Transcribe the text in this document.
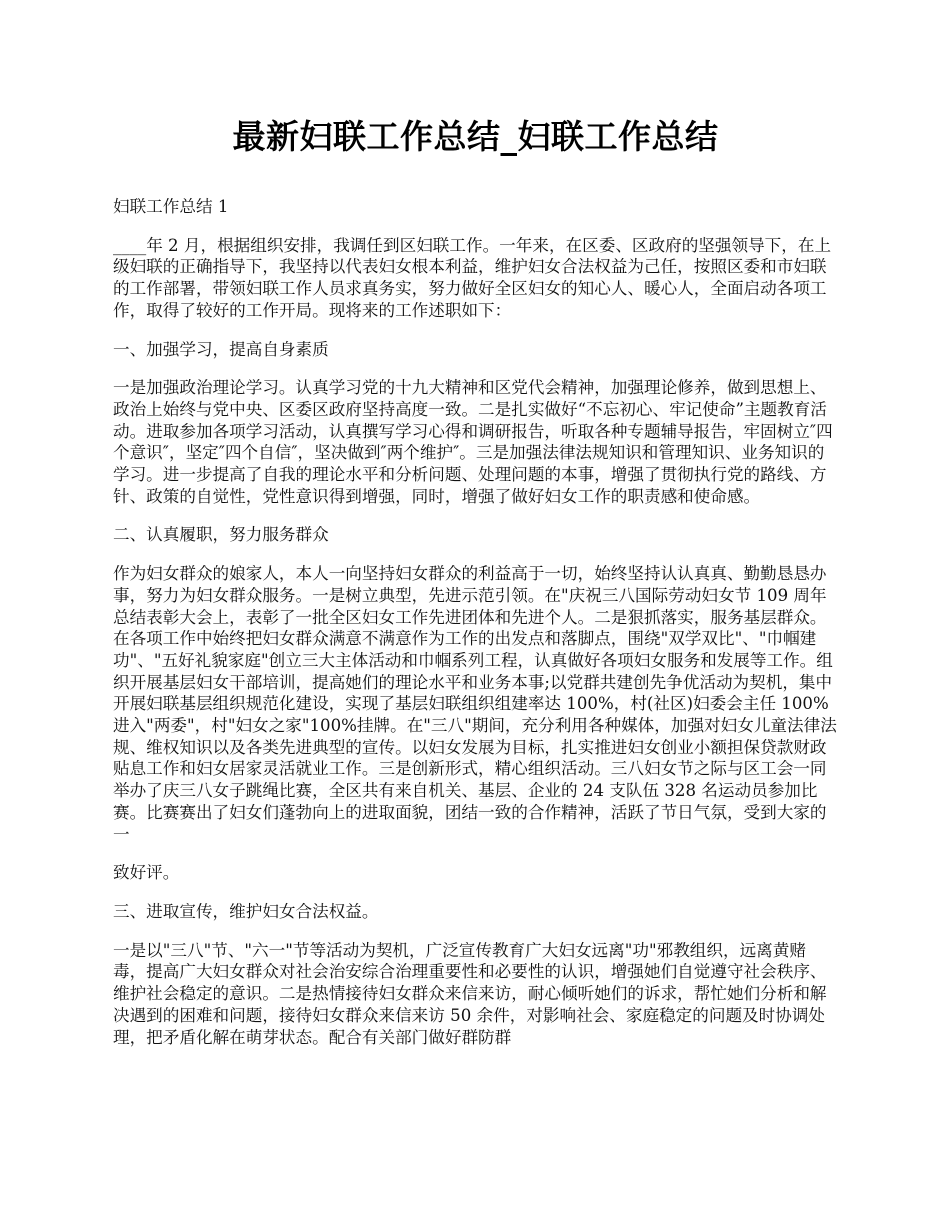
最新妇联工作总结_妇联工作总结

妇联工作总结 1

____年 2 月，根据组织安排，我调任到区妇联工作。一年来，在区委、区政府的坚强领导下，在上级妇联的正确指导下，我坚持以代表妇女根本利益，维护妇女合法权益为己任，按照区委和市妇联的工作部署，带领妇联工作人员求真务实，努力做好全区妇女的知心人、暖心人，全面启动各项工作，取得了较好的工作开局。现将来的工作述职如下：

一、加强学习，提高自身素质

一是加强政治理论学习。认真学习党的十九大精神和区党代会精神，加强理论修养，做到思想上、政治上始终与党中央、区委区政府坚持高度一致。二是扎实做好“不忘初心、牢记使命”主题教育活动。进取参加各项学习活动，认真撰写学习心得和调研报告，听取各种专题辅导报告，牢固树立″四个意识″，坚定″四个自信″，坚决做到″两个维护″。三是加强法律法规知识和管理知识、业务知识的学习。进一步提高了自我的理论水平和分析问题、处理问题的本事，增强了贯彻执行党的路线、方针、政策的自觉性，党性意识得到增强，同时，增强了做好妇女工作的职责感和使命感。

二、认真履职，努力服务群众

作为妇女群众的娘家人，本人一向坚持妇女群众的利益高于一切，始终坚持认认真真、勤勤恳恳办事，努力为妇女群众服务。一是树立典型，先进示范引领。在"庆祝三八国际劳动妇女节 109 周年总结表彰大会上，表彰了一批全区妇女工作先进团体和先进个人。二是狠抓落实，服务基层群众。在各项工作中始终把妇女群众满意不满意作为工作的出发点和落脚点，围绕"双学双比"、"巾帼建功"、"五好礼貌家庭"创立三大主体活动和巾帼系列工程，认真做好各项妇女服务和发展等工作。组织开展基层妇女干部培训，提高她们的理论水平和业务本事;以党群共建创先争优活动为契机，集中开展妇联基层组织规范化建设，实现了基层妇联组织组建率达 100%，村(社区)妇委会主任 100%进入"两委"，村"妇女之家"100%挂牌。在"三八"期间，充分利用各种媒体，加强对妇女儿童法律法规、维权知识以及各类先进典型的宣传。以妇女发展为目标，扎实推进妇女创业小额担保贷款财政贴息工作和妇女居家灵活就业工作。三是创新形式，精心组织活动。三八妇女节之际与区工会一同举办了庆三八女子跳绳比赛，全区共有来自机关、基层、企业的 24 支队伍 328 名运动员参加比赛。比赛赛出了妇女们蓬勃向上的进取面貌，团结一致的合作精神，活跃了节日气氛，受到大家的一

致好评。

三、进取宣传，维护妇女合法权益。

一是以"三八"节、"六一"节等活动为契机，广泛宣传教育广大妇女远离"功"邪教组织，远离黄赌毒，提高广大妇女群众对社会治安综合治理重要性和必要性的认识，增强她们自觉遵守社会秩序、维护社会稳定的意识。二是热情接待妇女群众来信来访，耐心倾听她们的诉求，帮忙她们分析和解决遇到的困难和问题，接待妇女群众来信来访 50 余件，对影响社会、家庭稳定的问题及时协调处理，把矛盾化解在萌芽状态。配合有关部门做好群防群
